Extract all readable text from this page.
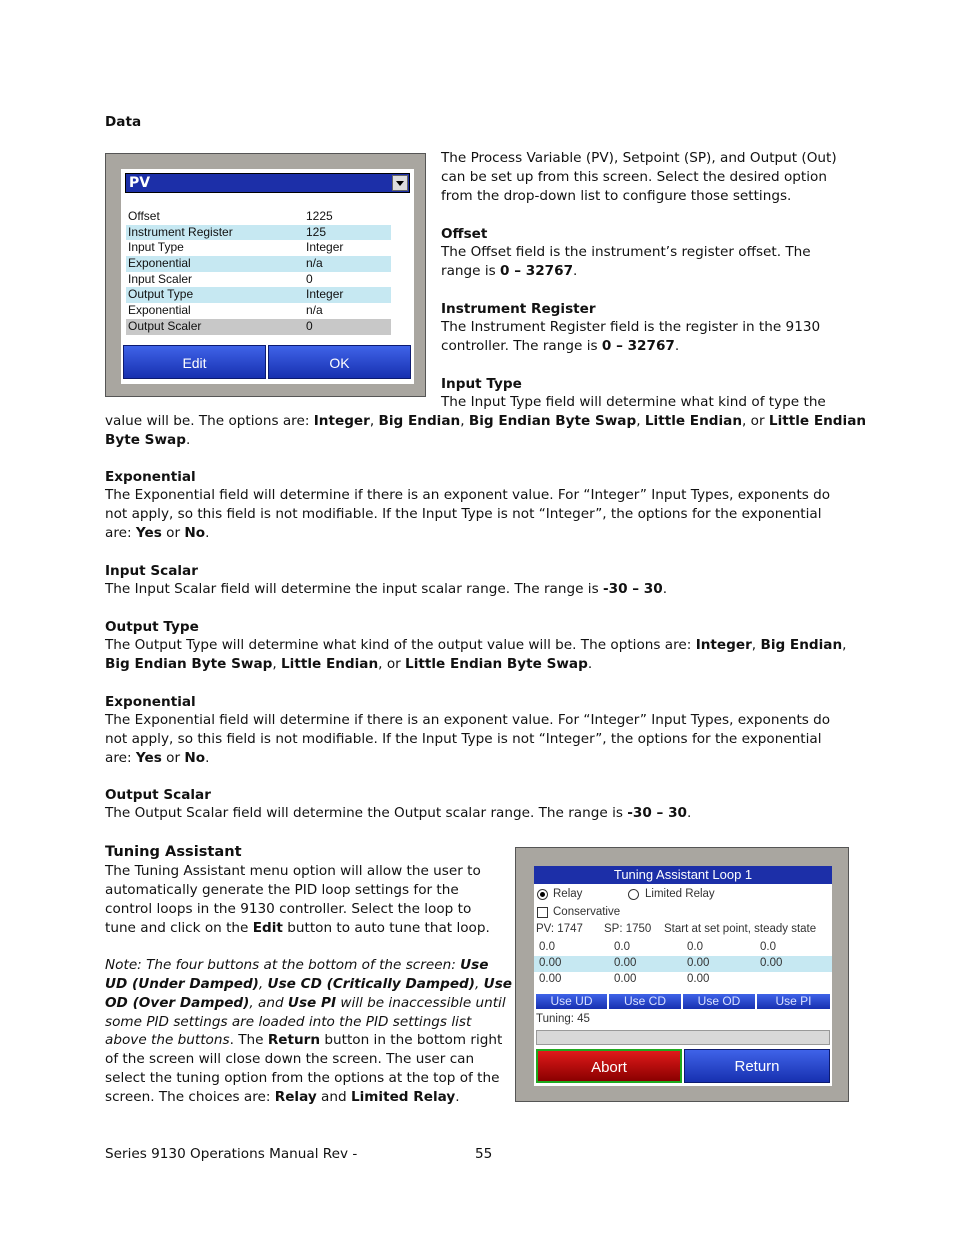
Data
PV
Offset	1225
Instrument Register	125
Input Type	Integer
Exponential	n/a
Input Scaler	0
Output Type	Integer
Exponential	n/a
Output Scaler	0
Edit	OK
The Process Variable (PV), Setpoint (SP), and Output (Out)
can be set up from this screen. Select the desired option
from the drop-down list to configure those settings.
Offset
The Offset field is the instrument’s register offset. The
range is 0 – 32767.
Instrument Register
The Instrument Register field is the register in the 9130
controller. The range is 0 – 32767.
Input Type
The Input Type field will determine what kind of type the
value will be. The options are: Integer, Big Endian, Big Endian Byte Swap, Little Endian, or Little Endian
Byte Swap.
Exponential
The Exponential field will determine if there is an exponent value. For “Integer” Input Types, exponents do
not apply, so this field is not modifiable. If the Input Type is not “Integer”, the options for the exponential
are: Yes or No.
Input Scalar
The Input Scalar field will determine the input scalar range. The range is -30 – 30.
Output Type
The Output Type will determine what kind of the output value will be. The options are: Integer, Big Endian,
Big Endian Byte Swap, Little Endian, or Little Endian Byte Swap.
Exponential
The Exponential field will determine if there is an exponent value. For “Integer” Input Types, exponents do
not apply, so this field is not modifiable. If the Input Type is not “Integer”, the options for the exponential
are: Yes or No.
Output Scalar
The Output Scalar field will determine the Output scalar range. The range is -30 – 30.
Tuning Assistant
The Tuning Assistant menu option will allow the user to
automatically generate the PID loop settings for the
control loops in the 9130 controller. Select the loop to
tune and click on the Edit button to auto tune that loop.
Note: The four buttons at the bottom of the screen: Use
UD (Under Damped), Use CD (Critically Damped), Use
OD (Over Damped), and Use PI will be inaccessible until
some PID settings are loaded into the PID settings list
above the buttons. The Return button in the bottom right
of the screen will close down the screen. The user can
select the tuning option from the options at the top of the
screen. The choices are: Relay and Limited Relay.
Tuning Assistant Loop 1
Relay	Limited Relay
Conservative
PV: 1747 SP: 1750 Start at set point, steady state
0.0	0.0	0.0	0.0
0.00	0.00	0.00	0.00
0.00	0.00	0.00
Use UD	Use CD	Use OD	Use PI
Tuning: 45
Abort	Return
Series 9130 Operations Manual Rev -	55
